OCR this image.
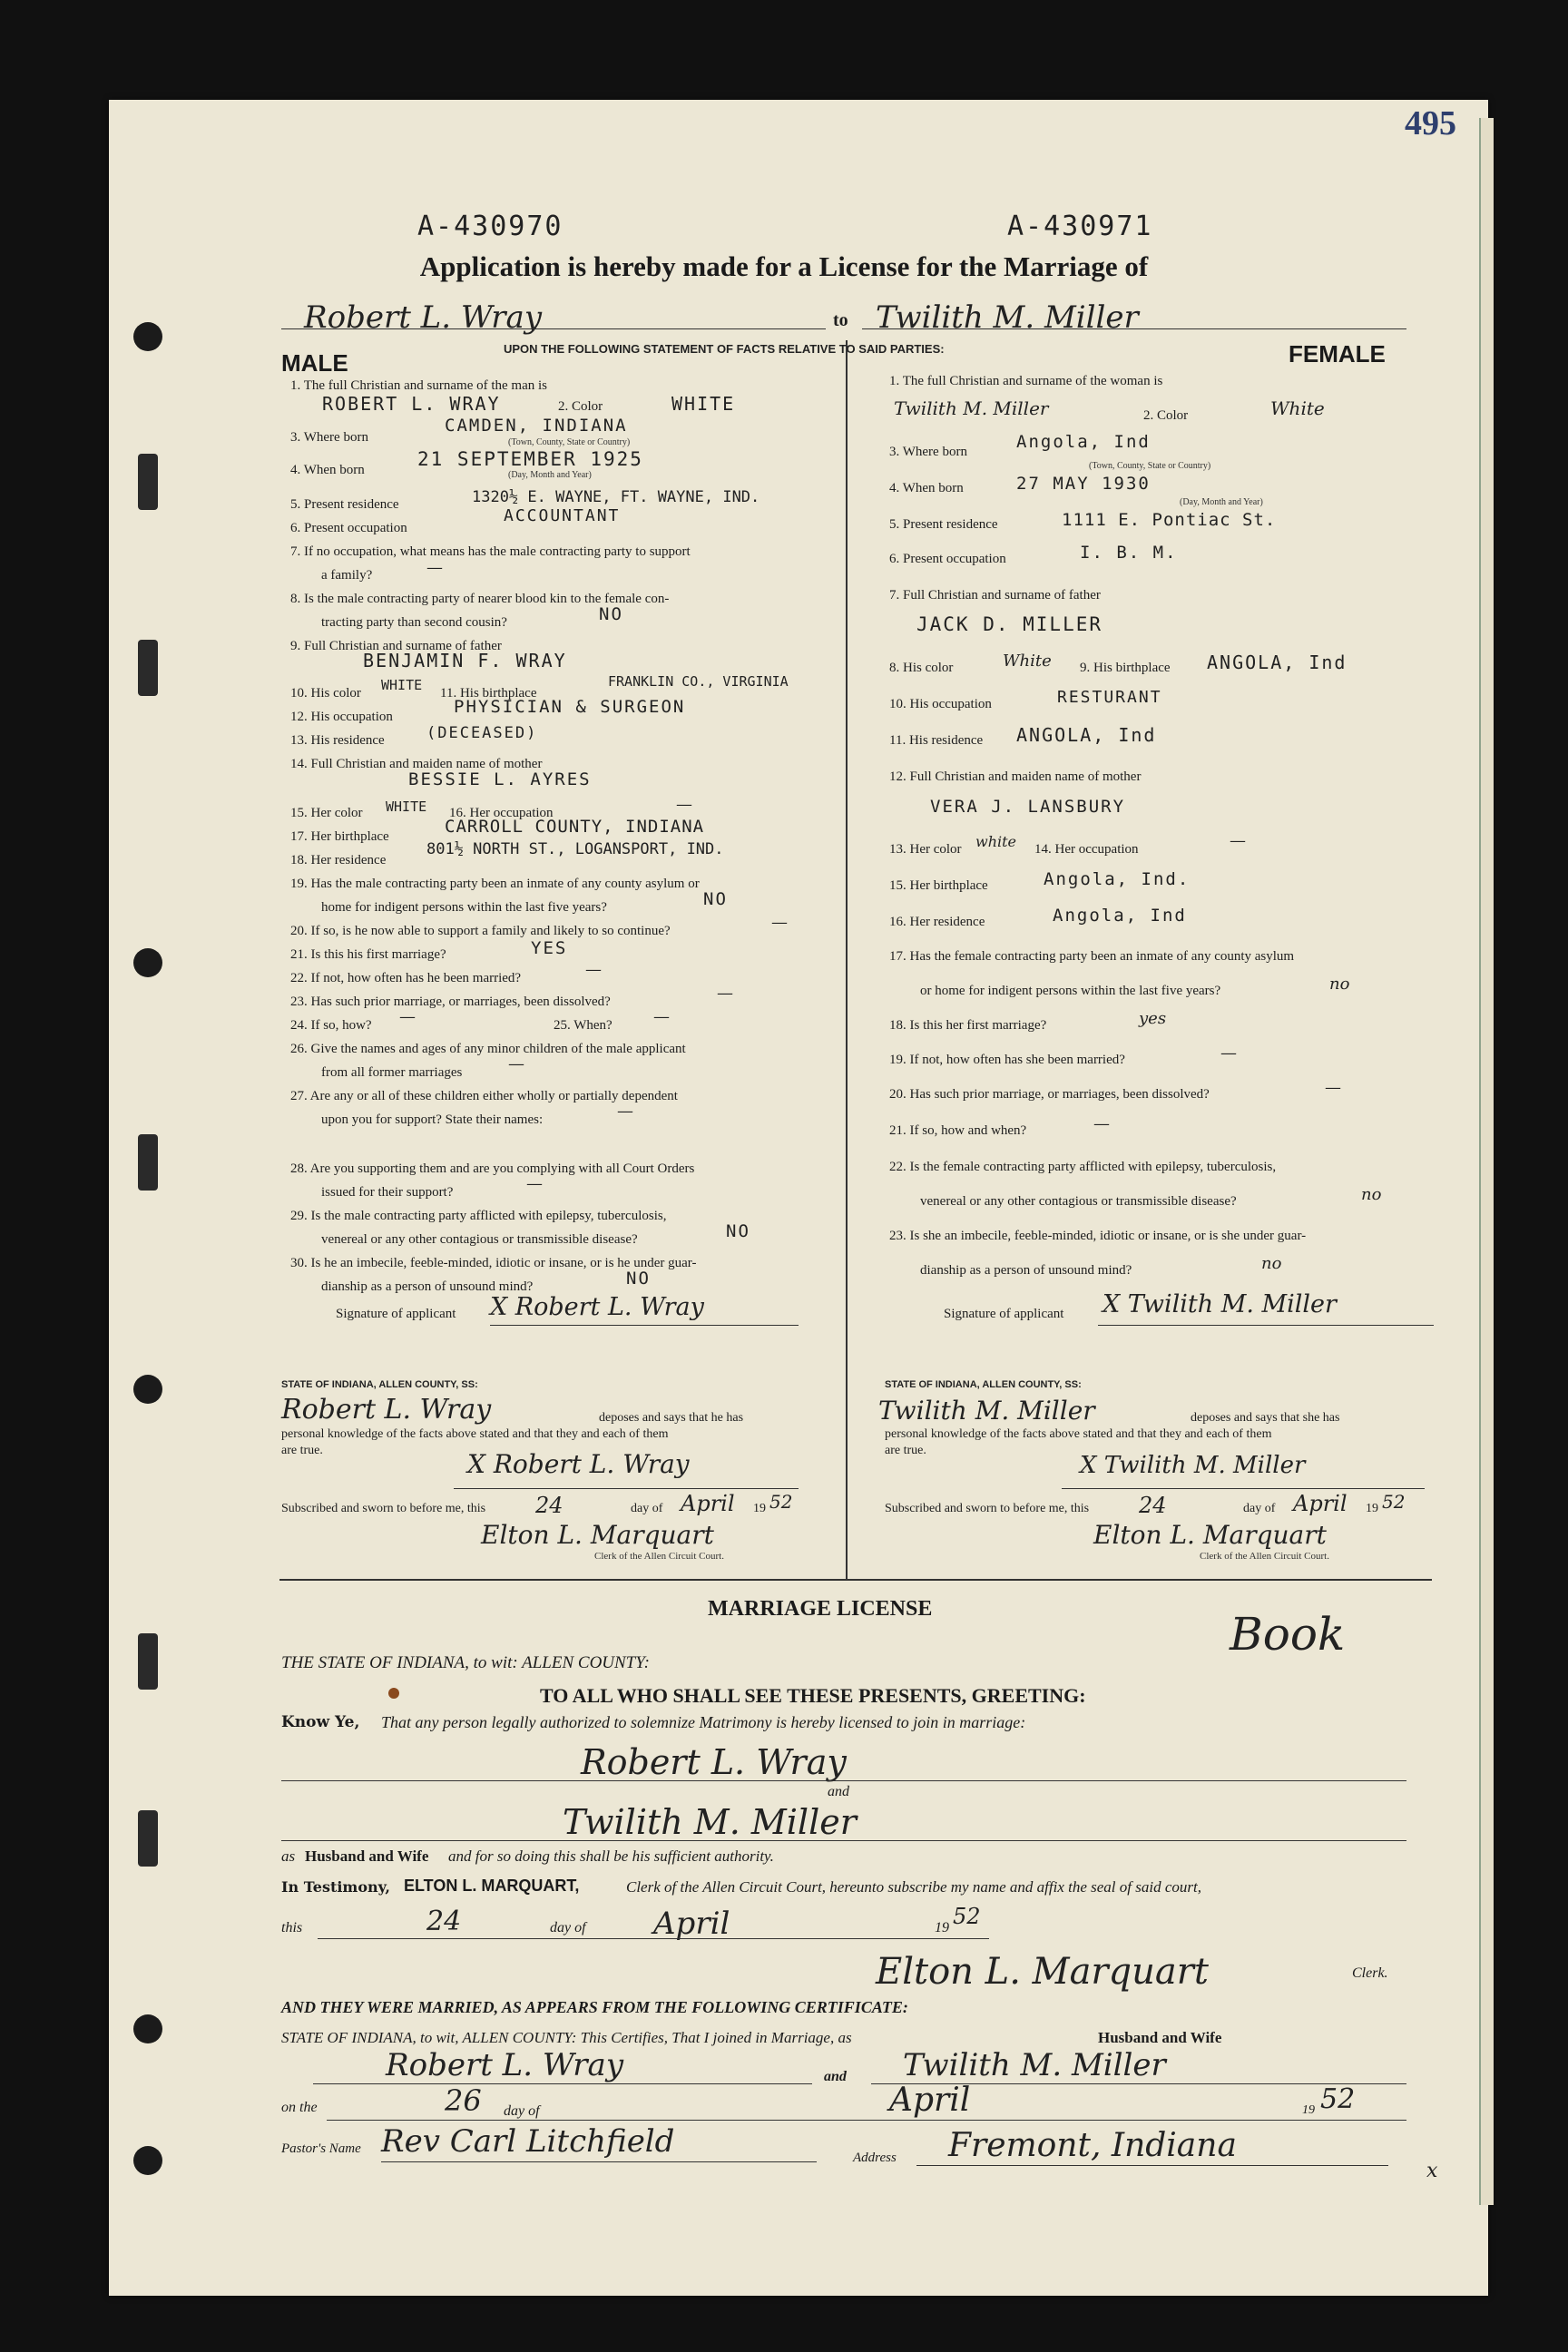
495
A-430970	A-430971
Application is hereby made for a License for the Marriage of
Robert L. Wray	to Twilith M. Miller
UPON THE FOLLOWING STATEMENT OF FACTS RELATIVE TO SAID PARTIES:
MALE	FEMALE
1. The full Christian and surname of the man is
ROBERT L. WRAY	2. Color	WHITE
3. Where born
CAMDEN, INDIANA
(Town, County, State or Country)
4. When born	21 SEPTEMBER 1925
(Day, Month and Year)
5. Present residence	1320½ E. WAYNE, FT. WAYNE, IND.
6. Present occupation
ACCOUNTANT
7. If no occupation, what means has the male contracting party to support
a family?	—
8. Is the male contracting party of nearer blood kin to the female con-
tracting party than second cousin?	NO
9. Full Christian and surname of father
BENJAMIN F. WRAY
10. His color WHITE 11. His birthplace
FRANKLIN CO., VIRGINIA
12. His occupation	PHYSICIAN & SURGEON
13. His residence	(DECEASED)
14. Full Christian and maiden name of mother
BESSIE L. AYRES
15. Her color WHITE 16. Her occupation	—
17. Her birthplace	CARROLL COUNTY, INDIANA
18. Her residence
801½ NORTH ST., LOGANSPORT, IND.
19. Has the male contracting party been an inmate of any county asylum or
home for indigent persons within the last five years?	NO
20. If so, is he now able to support a family and likely to so continue?	—
21. Is this his first marriage?	YES
22. If not, how often has he been married?	—
23. Has such prior marriage, or marriages, been dissolved?	—
24. If so, how? —	25. When?	—
26. Give the names and ages of any minor children of the male applicant
from all former marriages	—
27. Are any or all of these children either wholly or partially dependent
upon you for support? State their names:	—
28. Are you supporting them and are you complying with all Court Orders
issued for their support?	—
29. Is the male contracting party afflicted with epilepsy, tuberculosis,
venereal or any other contagious or transmissible disease?	NO
30. Is he an imbecile, feeble-minded, idiotic or insane, or is he under guar-
dianship as a person of unsound mind?	NO
Signature of applicant X Robert L. Wray
1. The full Christian and surname of the woman is
Twilith M. Miller	2. Color	White
3. Where born	Angola, Ind
(Town, County, State or Country)
4. When born	27 MAY 1930
(Day, Month and Year)
5. Present residence	1111 E. Pontiac St.
6. Present occupation	I. B. M.
7. Full Christian and surname of father
JACK D. MILLER
8. His color	White 9. His birthplace ANGOLA, Ind
10. His occupation	RESTURANT
11. His residence ANGOLA, Ind
12. Full Christian and maiden name of mother
VERA J. LANSBURY
13. Her color white 14. Her occupation	—
15. Her birthplace	Angola, Ind.
16. Her residence	Angola, Ind
17. Has the female contracting party been an inmate of any county asylum
or home for indigent persons within the last five years?	no
18. Is this her first marriage?	yes
19. If not, how often has she been married?	—
20. Has such prior marriage, or marriages, been dissolved?	—
21. If so, how and when?	—
22. Is the female contracting party afflicted with epilepsy, tuberculosis,
venereal or any other contagious or transmissible disease?	no
23. Is she an imbecile, feeble-minded, idiotic or insane, or is she under guar-
dianship as a person of unsound mind?	no
Signature of applicant X Twilith M. Miller
STATE OF INDIANA, ALLEN COUNTY, SS:
Robert L. Wray	deposes and says that he has
personal knowledge of the facts above stated and that they and each of them
are true.	X Robert L. Wray
Subscribed and sworn to before me, this 24	day of April 19 52
Elton L. Marquart
Clerk of the Allen Circuit Court.
STATE OF INDIANA, ALLEN COUNTY, SS:
Twilith M. Miller	deposes and says that she has
personal knowledge of the facts above stated and that they and each of them
are true.
X Twilith M. Miller
Subscribed and sworn to before me, this 24	day of April 19 52
Elton L. Marquart
Clerk of the Allen Circuit Court.
MARRIAGE LICENSE	Book
THE STATE OF INDIANA, to wit: ALLEN COUNTY:
TO ALL WHO SHALL SEE THESE PRESENTS, GREETING:
Know Ye, That any person legally authorized to solemnize Matrimony is hereby licensed to join in marriage:
Robert L. Wray
and
Twilith M. Miller
as Husband and Wife and for so doing this shall be his sufficient authority.
In Testimony, ELTON L. MARQUART,	Clerk of the Allen Circuit Court, hereunto subscribe my name and affix the seal of said court,
this	24	day of April	19 52
Elton L. Marquart	Clerk.
AND THEY WERE MARRIED, AS APPEARS FROM THE FOLLOWING CERTIFICATE:
STATE OF INDIANA, to wit, ALLEN COUNTY: This Certifies, That I joined in Marriage, as	Husband and Wife
Robert L. Wray	and Twilith M. Miller
on the	26 day of	April	19 52
Pastor's Name Rev Carl Litchfield	Address Fremont, Indiana
x
